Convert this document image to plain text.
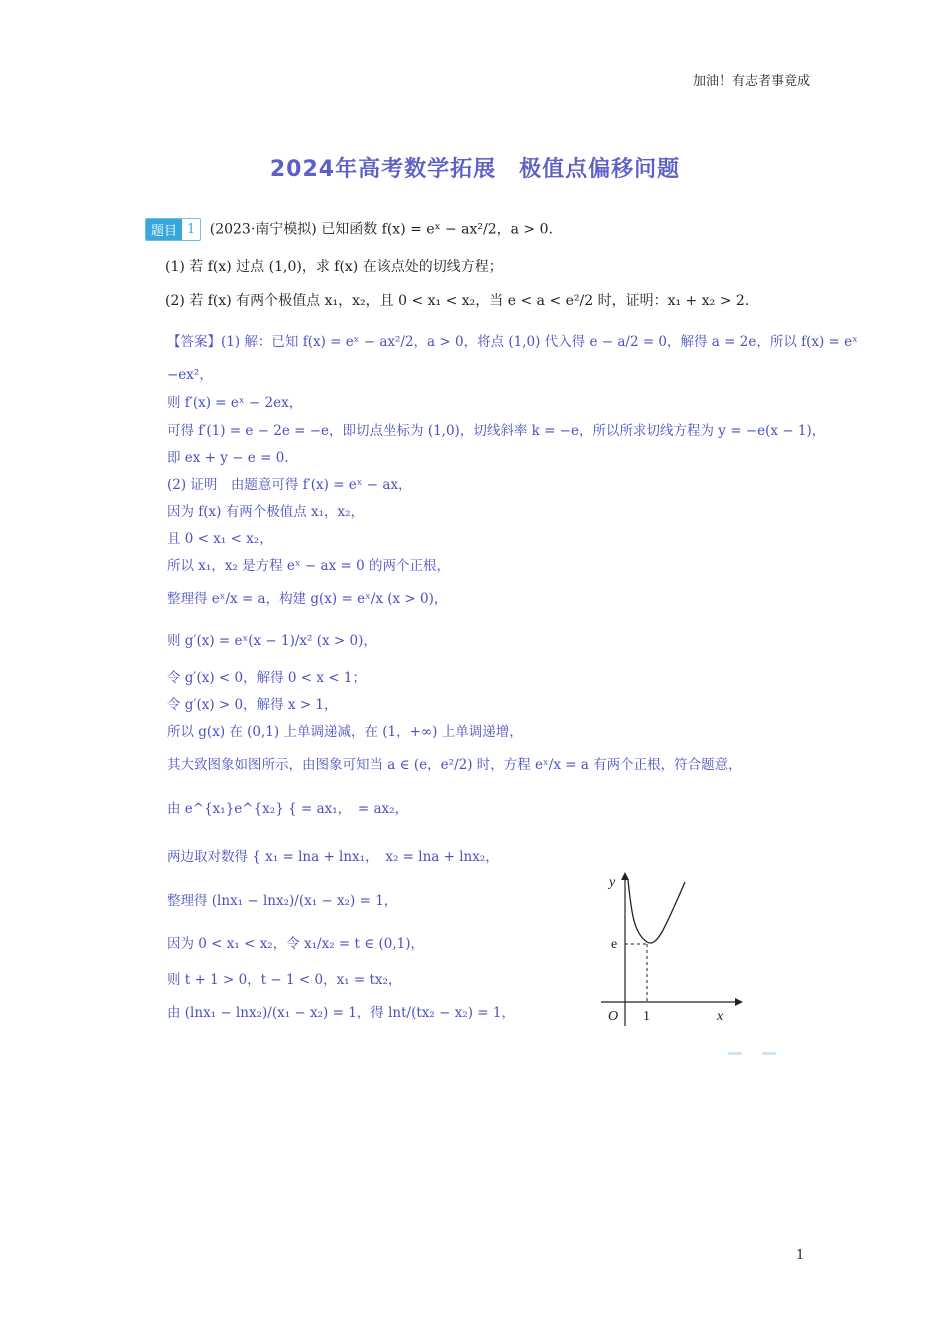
加油！有志者事竟成
2024年高考数学拓展　极值点偏移问题
题目 1	(2023·南宁模拟) 已知函数 f(x) = eˣ − ax²/2，a > 0.
(1) 若 f(x) 过点 (1,0)，求 f(x) 在该点处的切线方程；
(2) 若 f(x) 有两个极值点 x₁，x₂，且 0 < x₁ < x₂，当 e < a < e²/2 时，证明：x₁ + x₂ > 2.
【答案】(1) 解：已知 f(x) = eˣ − ax²/2，a > 0，将点 (1,0) 代入得 e − a/2 = 0，解得 a = 2e，所以 f(x) = eˣ
−ex²，
则 f′(x) = eˣ − 2ex，
可得 f′(1) = e − 2e = −e，即切点坐标为 (1,0)，切线斜率 k = −e，所以所求切线方程为 y = −e(x − 1)，
即 ex + y − e = 0.
(2) 证明　由题意可得 f′(x) = eˣ − ax，
因为 f(x) 有两个极值点 x₁，x₂，
且 0 < x₁ < x₂，
所以 x₁，x₂ 是方程 eˣ − ax = 0 的两个正根，
整理得 eˣ/x = a，构建 g(x) = eˣ/x (x > 0)，
则 g′(x) = eˣ(x − 1)/x² (x > 0)，
令 g′(x) < 0，解得 0 < x < 1；
令 g′(x) > 0，解得 x > 1，
所以 g(x) 在 (0,1) 上单调递减，在 (1，+∞) 上单调递增，
其大致图象如图所示，由图象可知当 a ∈ (e，e²/2) 时，方程 eˣ/x = a 有两个正根，符合题意，
由 e^{x₁}e^{x₂} { = ax₁，　= ax₂，
两边取对数得 { x₁ = lna + lnx₁，　x₂ = lna + lnx₂，
整理得 (lnx₁ − lnx₂)/(x₁ − x₂) = 1，
因为 0 < x₁ < x₂，令 x₁/x₂ = t ∈ (0,1)，
则 t + 1 > 0，t − 1 < 0，x₁ = tx₂，
由 (lnx₁ − lnx₂)/(x₁ − x₂) = 1，得 lnt/(tx₂ − x₂) = 1，
y
x
O
e
1
1
